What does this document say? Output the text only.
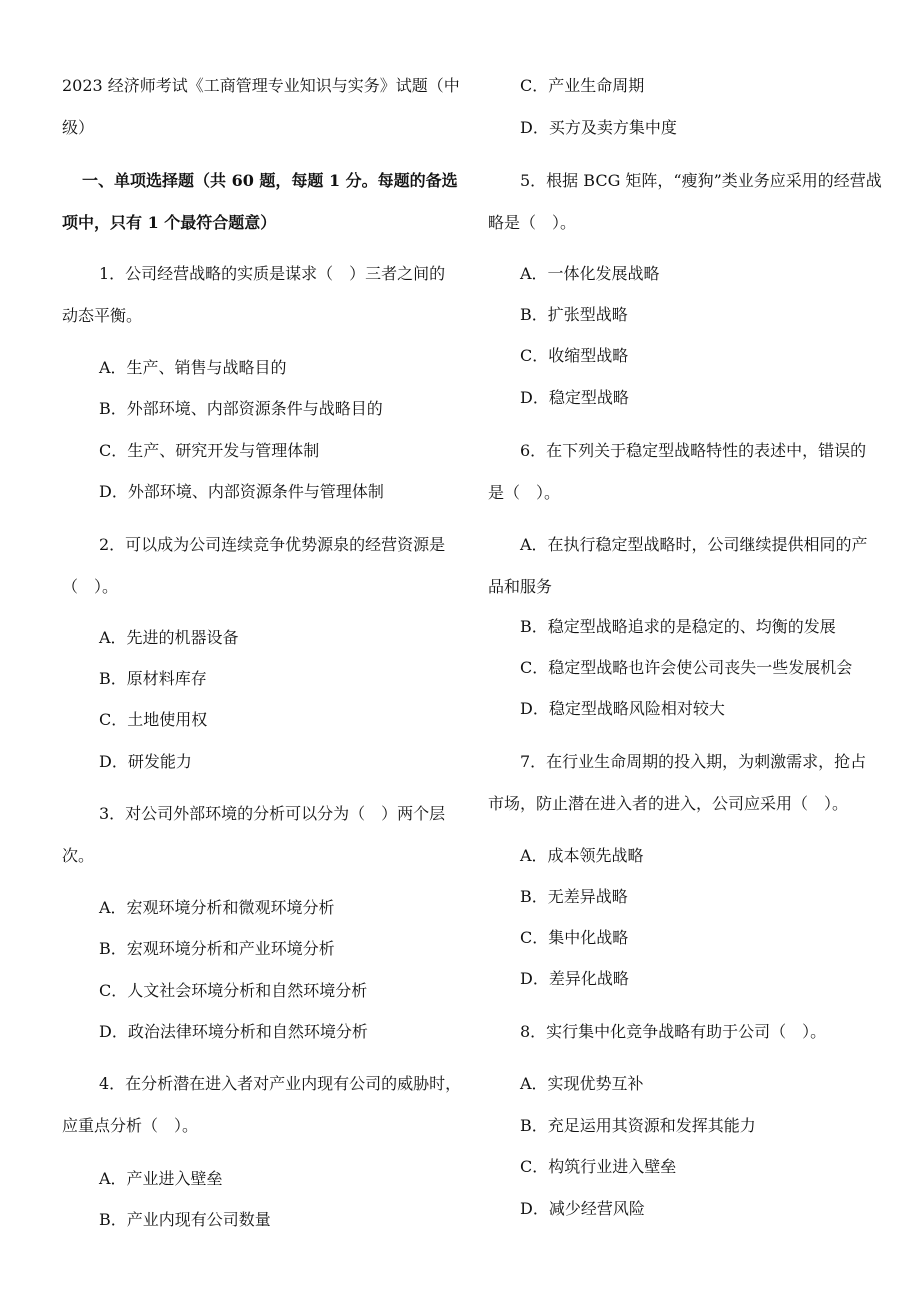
2023 经济师考试《工商管理专业知识与实务》试题（中
级）
一、单项选择题（共 60 题，每题 1 分。每题的备选
项中，只有 1 个最符合题意）
1．公司经营战略的实质是谋求（　）三者之间的
动态平衡。
A．生产、销售与战略目的
B．外部环境、内部资源条件与战略目的
C．生产、研究开发与管理体制
D．外部环境、内部资源条件与管理体制
2．可以成为公司连续竞争优势源泉的经营资源是
（　）。
A．先进的机器设备
B．原材料库存
C．土地使用权
D．研发能力
3．对公司外部环境的分析可以分为（　）两个层
次。
A．宏观环境分析和微观环境分析
B．宏观环境分析和产业环境分析
C．人文社会环境分析和自然环境分析
D．政治法律环境分析和自然环境分析
4．在分析潜在进入者对产业内现有公司的威胁时，
应重点分析（　）。
A．产业进入壁垒
B．产业内现有公司数量
C．产业生命周期
D．买方及卖方集中度
5．根据 BCG 矩阵，“瘦狗”类业务应采用的经营战
略是（　）。
A．一体化发展战略
B．扩张型战略
C．收缩型战略
D．稳定型战略
6．在下列关于稳定型战略特性的表述中，错误的
是（　）。
A．在执行稳定型战略时，公司继续提供相同的产
品和服务
B．稳定型战略追求的是稳定的、均衡的发展
C．稳定型战略也许会使公司丧失一些发展机会
D．稳定型战略风险相对较大
7．在行业生命周期的投入期，为刺激需求，抢占
市场，防止潜在进入者的进入，公司应采用（　）。
A．成本领先战略
B．无差异战略
C．集中化战略
D．差异化战略
8．实行集中化竞争战略有助于公司（　）。
A．实现优势互补
B．充足运用其资源和发挥其能力
C．构筑行业进入壁垒
D．减少经营风险
